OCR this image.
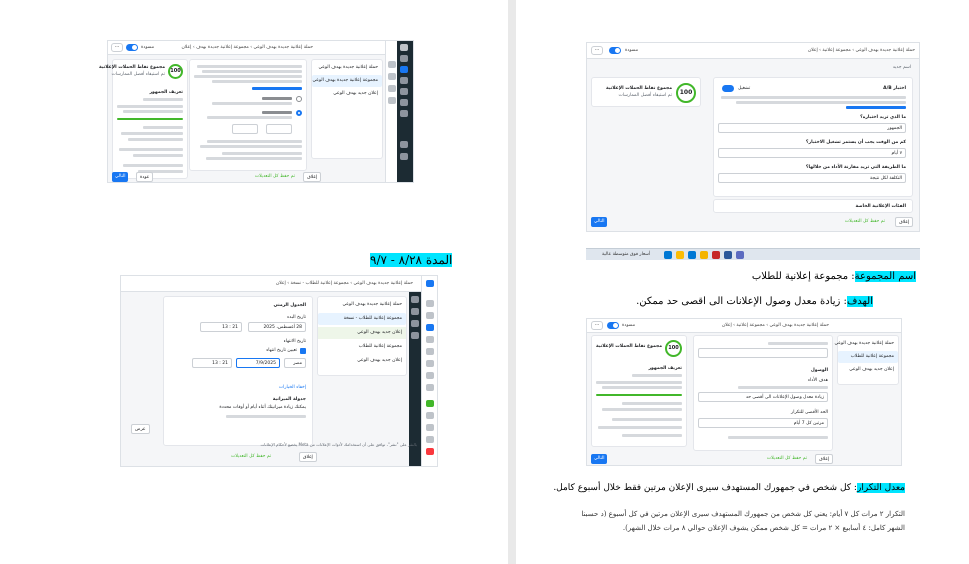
···	مسودة	حملة إعلانية جديدة بهدف الوعي › مجموعة إعلانية جديدة بهدف › إعلان
حملة إعلانية جديدة بهدف الوعي
مجموعة إعلانية جديدة بهدف الوعي
إعلان جديد بهدف الوعي
100
مجموع نقاط الحملات الإعلانية
تم استيفاء أفضل الممارسات
تعريف الجمهور
إغلاق
تم حفظ كل التعديلات
عودة
التالي
المدة ٨/٢٨ - ٩/٧
حملة إعلانية جديدة بهدف الوعي › مجموعة إعلانية للطلاب - نسخة › إعلان
حملة إعلانية جديدة بهدف الوعي
مجموعة إعلانية للطلاب - نسخة
إعلان جديد بهدف الوعي
مجموعة إعلانية للطلاب
إعلان جديد بهدف الوعي
الجدول الزمني
تاريخ البدء
28 أغسطس، 2025
21 : 13
تاريخ الانتهاء
تعيين تاريخ انتهاء
مصر
7/9/2025
21 : 13
إخفاء الخيارات
جدولة الميزانية
يمكنك زيادة ميزانيتك أثناء أيام أو أوقات محددة
عرض
بالنقر على "نشر"، توافق على أن استخدامك لأدوات الإعلانات من Meta يخضع لأحكام الإعلانات
إغلاق
تم حفظ كل التعديلات
···	مسودة	حملة إعلانية جديدة بهدف الوعي › مجموعة إعلانية › إعلان
اسم جديد
100
مجموع نقاط الحملات الإعلانية
تم استيفاء أفضل الممارسات
اختبار A/B
تشغيل
ما الذي تريد اختباره؟
الجمهور
كم من الوقت يجب أن يستمر تشغيل الاختبار؟
٧ أيام
ما الطريقة التي تريد مقارنة الأداء من خلالها؟
التكلفة لكل نتيجة
الفئات الإعلانية الخاصة
إغلاق
تم حفظ كل التعديلات
التالي
أسعار فوق متوسطة عالية
اسم المجموعة: مجموعة إعلانية للطلاب
الهدف: زيادة معدل وصول الإعلانات الى اقصى حد ممكن.
···	مسودة	حملة إعلانية جديدة بهدف الوعي › مجموعة إعلانية › إعلان
حملة إعلانية جديدة بهدف الوعي
مجموعة إعلانية للطلاب
إعلان جديد بهدف الوعي
الوصول
هدف الأداء
زيادة معدل وصول الإعلانات الى أقصى حد
الحد الأقصى للتكرار
مرتين كل 7 أيام
100
مجموع نقاط الحملات الإعلانية
تعريف الجمهور
إغلاق
تم حفظ كل التعديلات
التالي
معدل التكرار: كل شخص في جمهورك المستهدف سيرى الإعلان مرتين فقط خلال أسبوع كامل.
التكرار ٢ مرات كل ٧ أيام: يعني كل شخص من جمهورك المستهدف سيرى الإعلان مرتين في كل أسبوع (د حسبنا
الشهر كامل: ٤ أسابيع × ٢ مرات = كل شخص ممكن يشوف الإعلان حوالي ٨ مرات خلال الشهر).
